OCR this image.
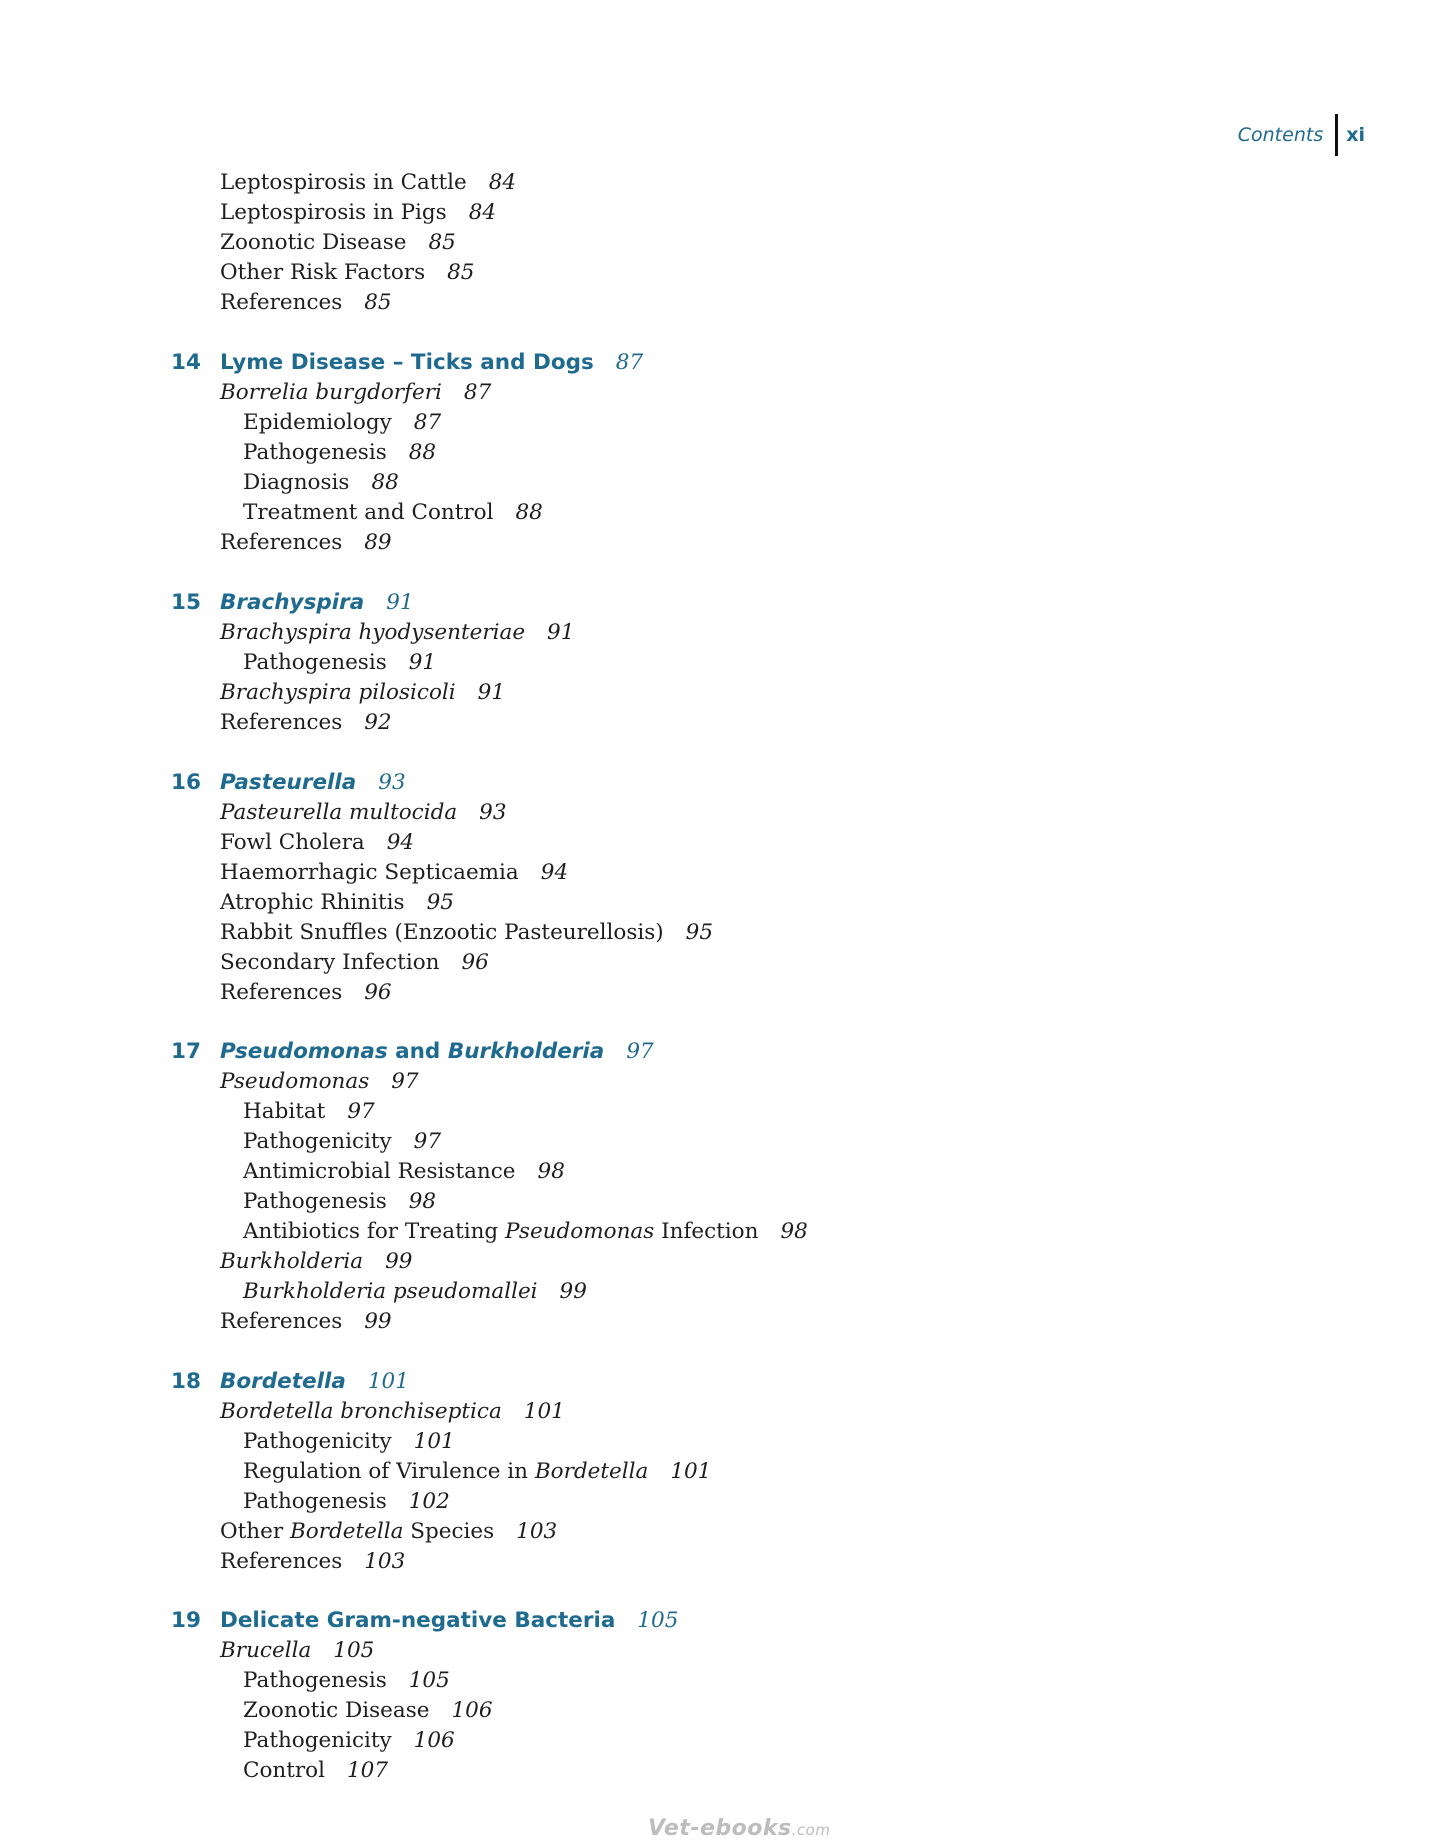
Contents	xi
Leptospirosis in Cattle 84
Leptospirosis in Pigs 84
Zoonotic Disease 85
Other Risk Factors 85
References 85
14 Lyme Disease – Ticks and Dogs 87
Borrelia burgdorferi 87
Epidemiology 87
Pathogenesis 88
Diagnosis 88
Treatment and Control 88
References 89
15 Brachyspira 91
Brachyspira hyodysenteriae 91
Pathogenesis 91
Brachyspira pilosicoli 91
References 92
16 Pasteurella 93
Pasteurella multocida 93
Fowl Cholera 94
Haemorrhagic Septicaemia 94
Atrophic Rhinitis 95
Rabbit Snuffles (Enzootic Pasteurellosis) 95
Secondary Infection 96
References 96
17 Pseudomonas and Burkholderia 97
Pseudomonas 97
Habitat 97
Pathogenicity 97
Antimicrobial Resistance 98
Pathogenesis 98
Antibiotics for Treating Pseudomonas Infection 98
Burkholderia 99
Burkholderia pseudomallei 99
References 99
18 Bordetella 101
Bordetella bronchiseptica 101
Pathogenicity 101
Regulation of Virulence in Bordetella 101
Pathogenesis 102
Other Bordetella Species 103
References 103
19 Delicate Gram-negative Bacteria 105
Brucella 105
Pathogenesis 105
Zoonotic Disease 106
Pathogenicity 106
Control 107
Vet-ebooks.com
